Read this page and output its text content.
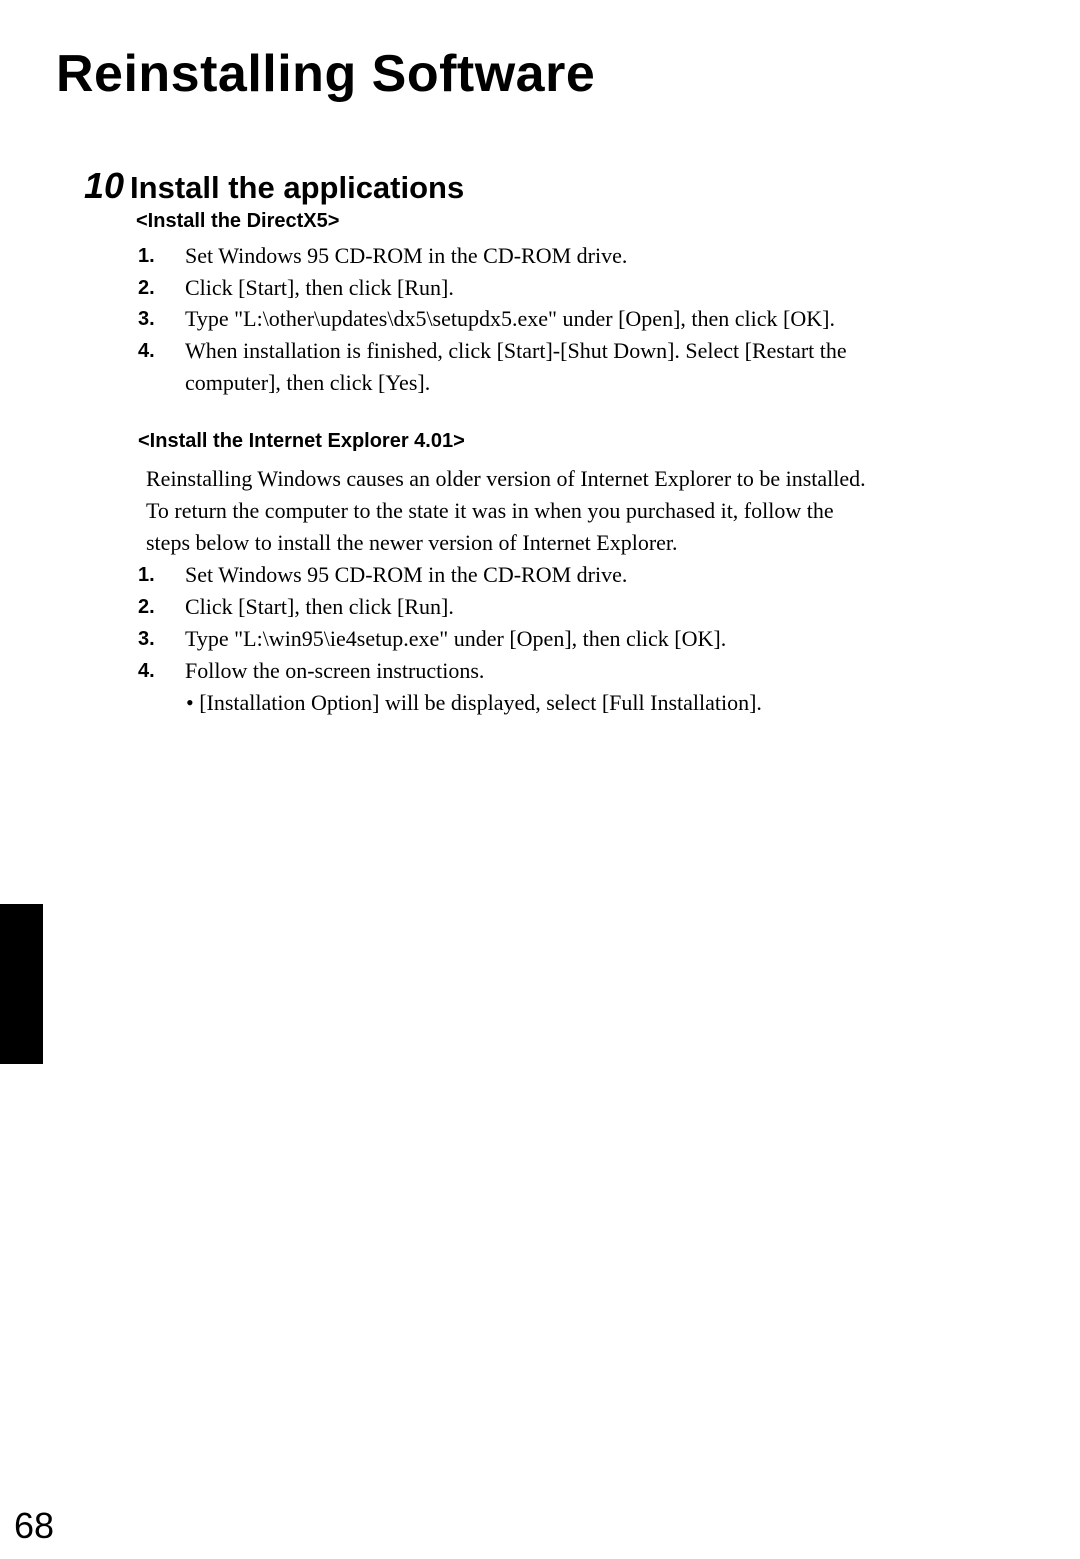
Reinstalling Software
10 Install the applications
<Install the DirectX5>
1. Set Windows 95 CD-ROM in the CD-ROM drive.
2. Click [Start], then click [Run].
3. Type "L:\other\updates\dx5\setupdx5.exe" under [Open], then click [OK].
4. When installation is finished, click [Start]-[Shut Down]. Select [Restart the
computer], then click [Yes].
<Install the Internet Explorer 4.01>
Reinstalling Windows causes an older version of Internet Explorer to be installed.
To return the computer to the state it was in when you purchased it, follow the
steps below to install the newer version of Internet Explorer.
1. Set Windows 95 CD-ROM in the CD-ROM drive.
2. Click [Start], then click [Run].
3. Type "L:\win95\ie4setup.exe" under [Open], then click [OK].
4. Follow the on-screen instructions.
• [Installation Option] will be displayed, select [Full Installation].
68
